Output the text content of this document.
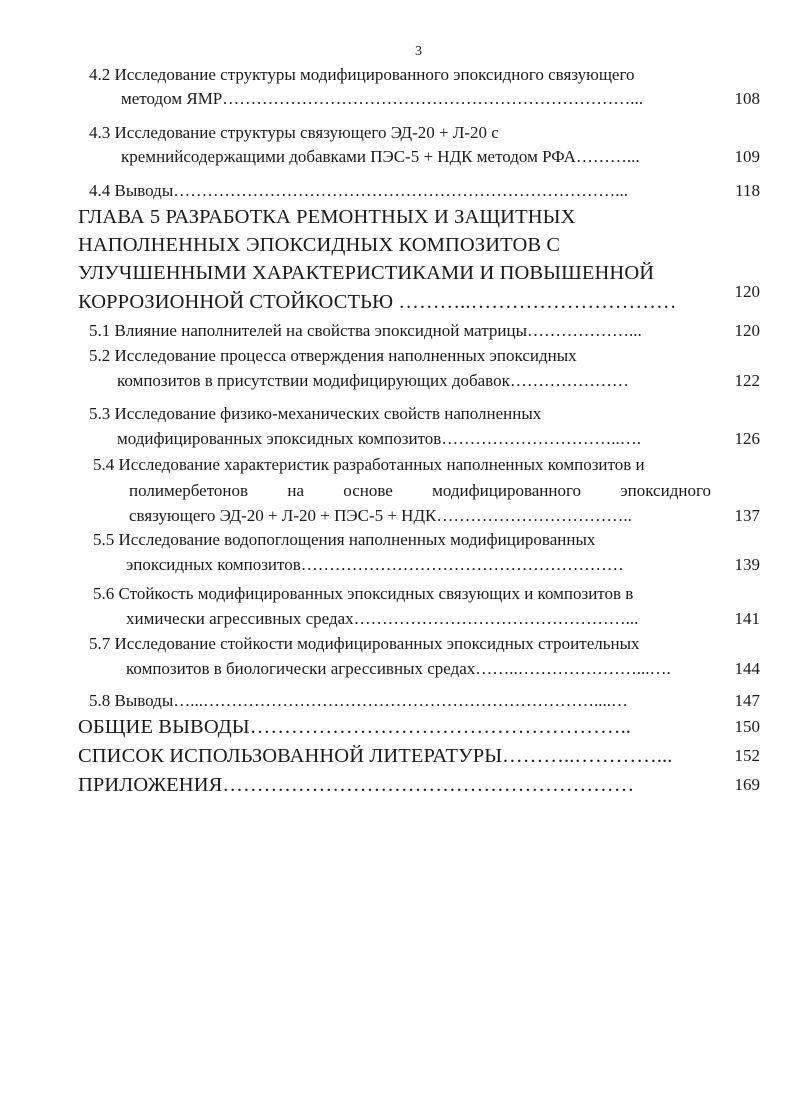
3
4.2 Исследование структуры модифицированного эпоксидного связующего
методом ЯМР………………………………………………………………...	108
4.3 Исследование структуры связующего ЭД-20 + Л-20 с
кремнийсодержащими добавками ПЭС-5 + НДК методом РФА………...	109
4.4 Выводы……………………………………………………………………...	118
ГЛАВА 5 РАЗРАБОТКА РЕМОНТНЫХ И ЗАЩИТНЫХ
НАПОЛНЕННЫХ ЭПОКСИДНЫХ КОМПОЗИТОВ С
УЛУЧШЕННЫМИ ХАРАКТЕРИСТИКАМИ И ПОВЫШЕННОЙ
КОРРОЗИОННОЙ СТОЙКОСТЬЮ ………..…………………………	120
5.1 Влияние наполнителей на свойства эпоксидной матрицы………………...	120
5.2 Исследование процесса отверждения наполненных эпоксидных
композитов в присутствии модифицирующих добавок…………………	122
5.3 Исследование физико-механических свойств наполненных
модифицированных эпоксидных композитов…………………………..….	126
5.4 Исследование характеристик разработанных наполненных композитов и
полимербетонов на основе модифицированного эпоксидного
связующего ЭД-20 + Л-20 + ПЭС-5 + НДК……………………………..	137
5.5 Исследование водопоглощения наполненных модифицированных
эпоксидных композитов…………………………………………………	139
5.6 Стойкость модифицированных эпоксидных связующих и композитов в
химически агрессивных средах…………………………………………...	141
5.7 Исследование стойкости модифицированных эпоксидных строительных
композитов в биологически агрессивных средах……..…………………...….	144
5.8 Выводы…...……………………………………………………………....…	147
ОБЩИЕ ВЫВОДЫ………………………………………………..	150
СПИСОК ИСПОЛЬЗОВАННОЙ ЛИТЕРАТУРЫ………..…………...	152
ПРИЛОЖЕНИЯ……………………………………………………	169
